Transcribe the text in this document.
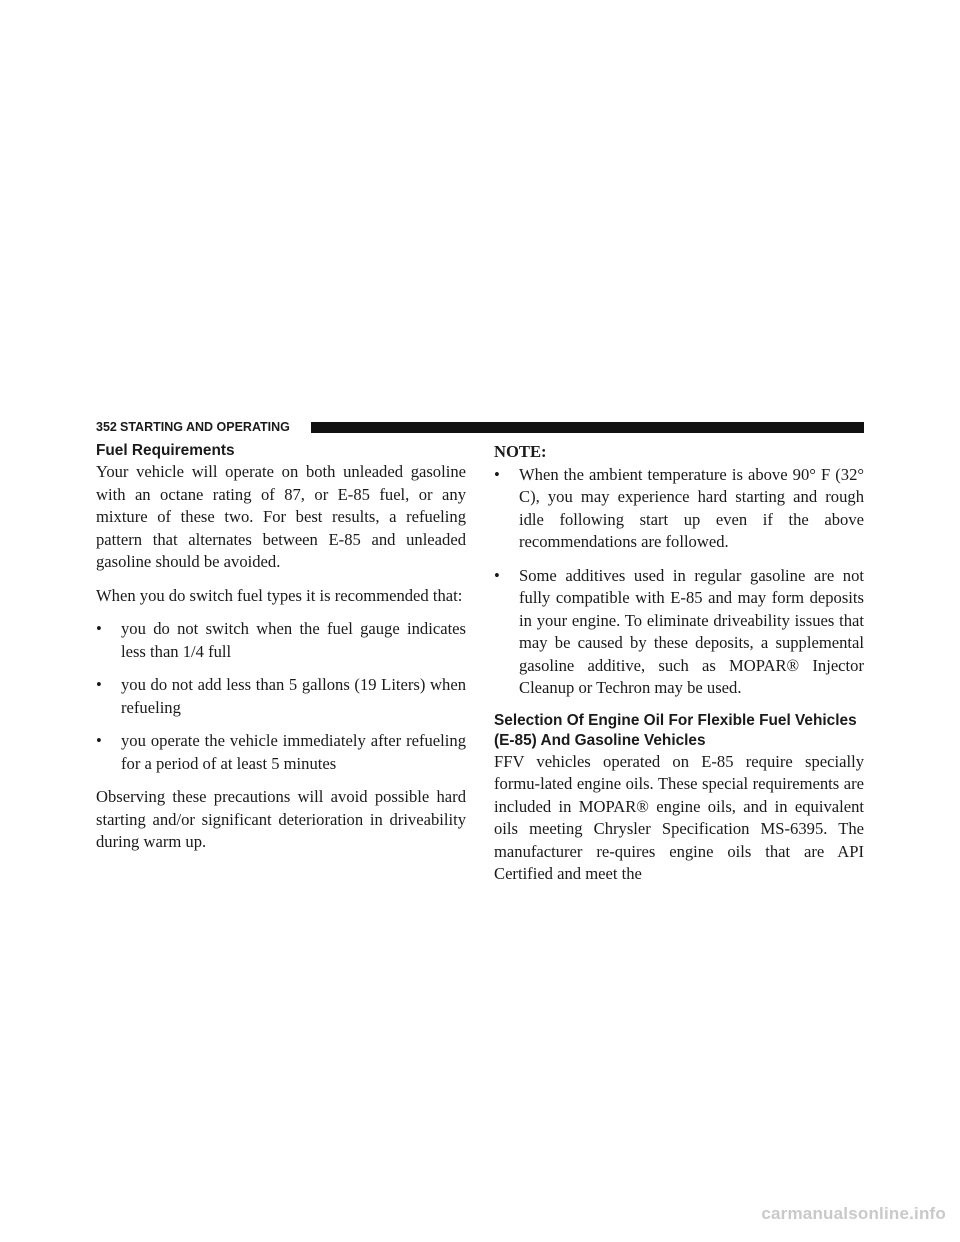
352 STARTING AND OPERATING

Fuel Requirements

Your vehicle will operate on both unleaded gasoline with an octane rating of 87, or E-85 fuel, or any mixture of these two. For best results, a refueling pattern that alternates between E-85 and unleaded gasoline should be avoided.

When you do switch fuel types it is recommended that:

• you do not switch when the fuel gauge indicates less than 1/4 full

• you do not add less than 5 gallons (19 Liters) when refueling

• you operate the vehicle immediately after refueling for a period of at least 5 minutes

Observing these precautions will avoid possible hard starting and/or significant deterioration in driveability during warm up.

NOTE:

• When the ambient temperature is above 90° F (32° C), you may experience hard starting and rough idle following start up even if the above recommendations are followed.

• Some additives used in regular gasoline are not fully compatible with E-85 and may form deposits in your engine. To eliminate driveability issues that may be caused by these deposits, a supplemental gasoline additive, such as MOPAR® Injector Cleanup or Techron may be used.

Selection Of Engine Oil For Flexible Fuel Vehicles (E-85) And Gasoline Vehicles

FFV vehicles operated on E-85 require specially formu-lated engine oils. These special requirements are included in MOPAR® engine oils, and in equivalent oils meeting Chrysler Specification MS-6395. The manufacturer re-quires engine oils that are API Certified and meet the

carmanualsonline.info
